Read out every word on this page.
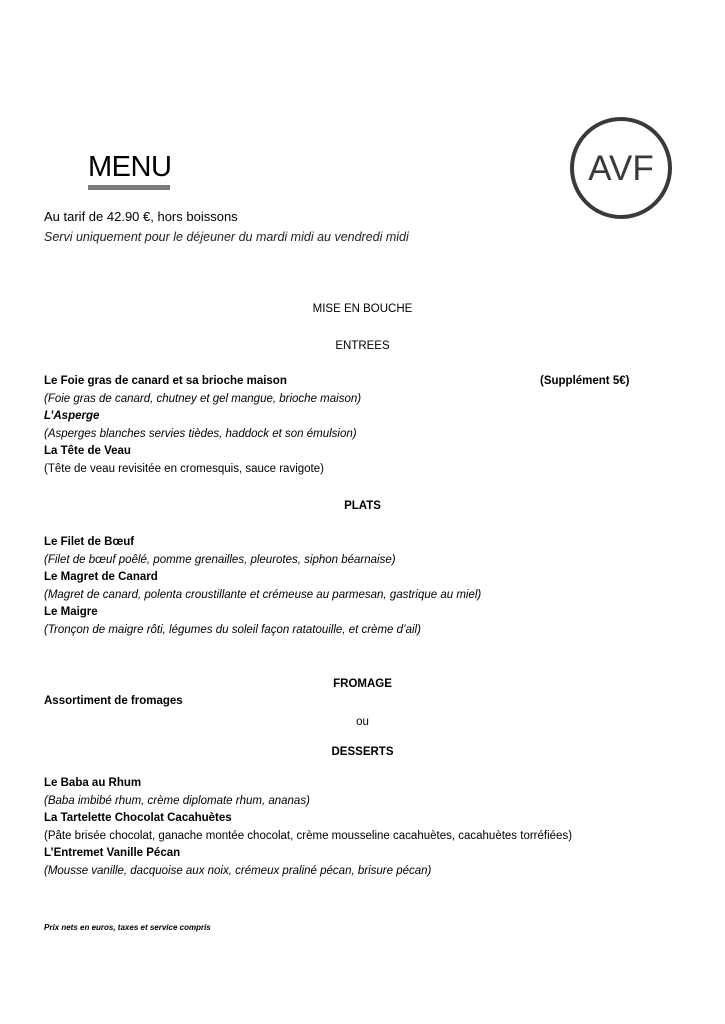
AVF
MENU
Au tarif de 42.90 €, hors boissons
Servi uniquement pour le déjeuner du mardi midi au vendredi midi
MISE EN BOUCHE
ENTREES
Le Foie gras de canard et sa brioche maison	(Supplément 5€)
(Foie gras de canard, chutney et gel mangue, brioche maison)
L’Asperge
(Asperges blanches servies tièdes, haddock et son émulsion)
La Tête de Veau
(Tête de veau revisitée en cromesquis, sauce ravigote)
PLATS
Le Filet de Bœuf
(Filet de bœuf poêlé, pomme grenailles, pleurotes, siphon béarnaise)
Le Magret de Canard
(Magret de canard, polenta croustillante et crémeuse au parmesan, gastrique au miel)
Le Maigre
(Tronçon de maigre rôti, légumes du soleil façon ratatouille, et crème d’ail)
FROMAGE
Assortiment de fromages
ou
DESSERTS
Le Baba au Rhum
(Baba imbibé rhum, crème diplomate rhum, ananas)
La Tartelette Chocolat Cacahuètes
(Pâte brisée chocolat, ganache montée chocolat, crème mousseline cacahuètes, cacahuètes torréfiées)
L’Entremet Vanille Pécan
(Mousse vanille, dacquoise aux noix, crémeux praliné pécan, brisure pécan)
Prix nets en euros, taxes et service compris
